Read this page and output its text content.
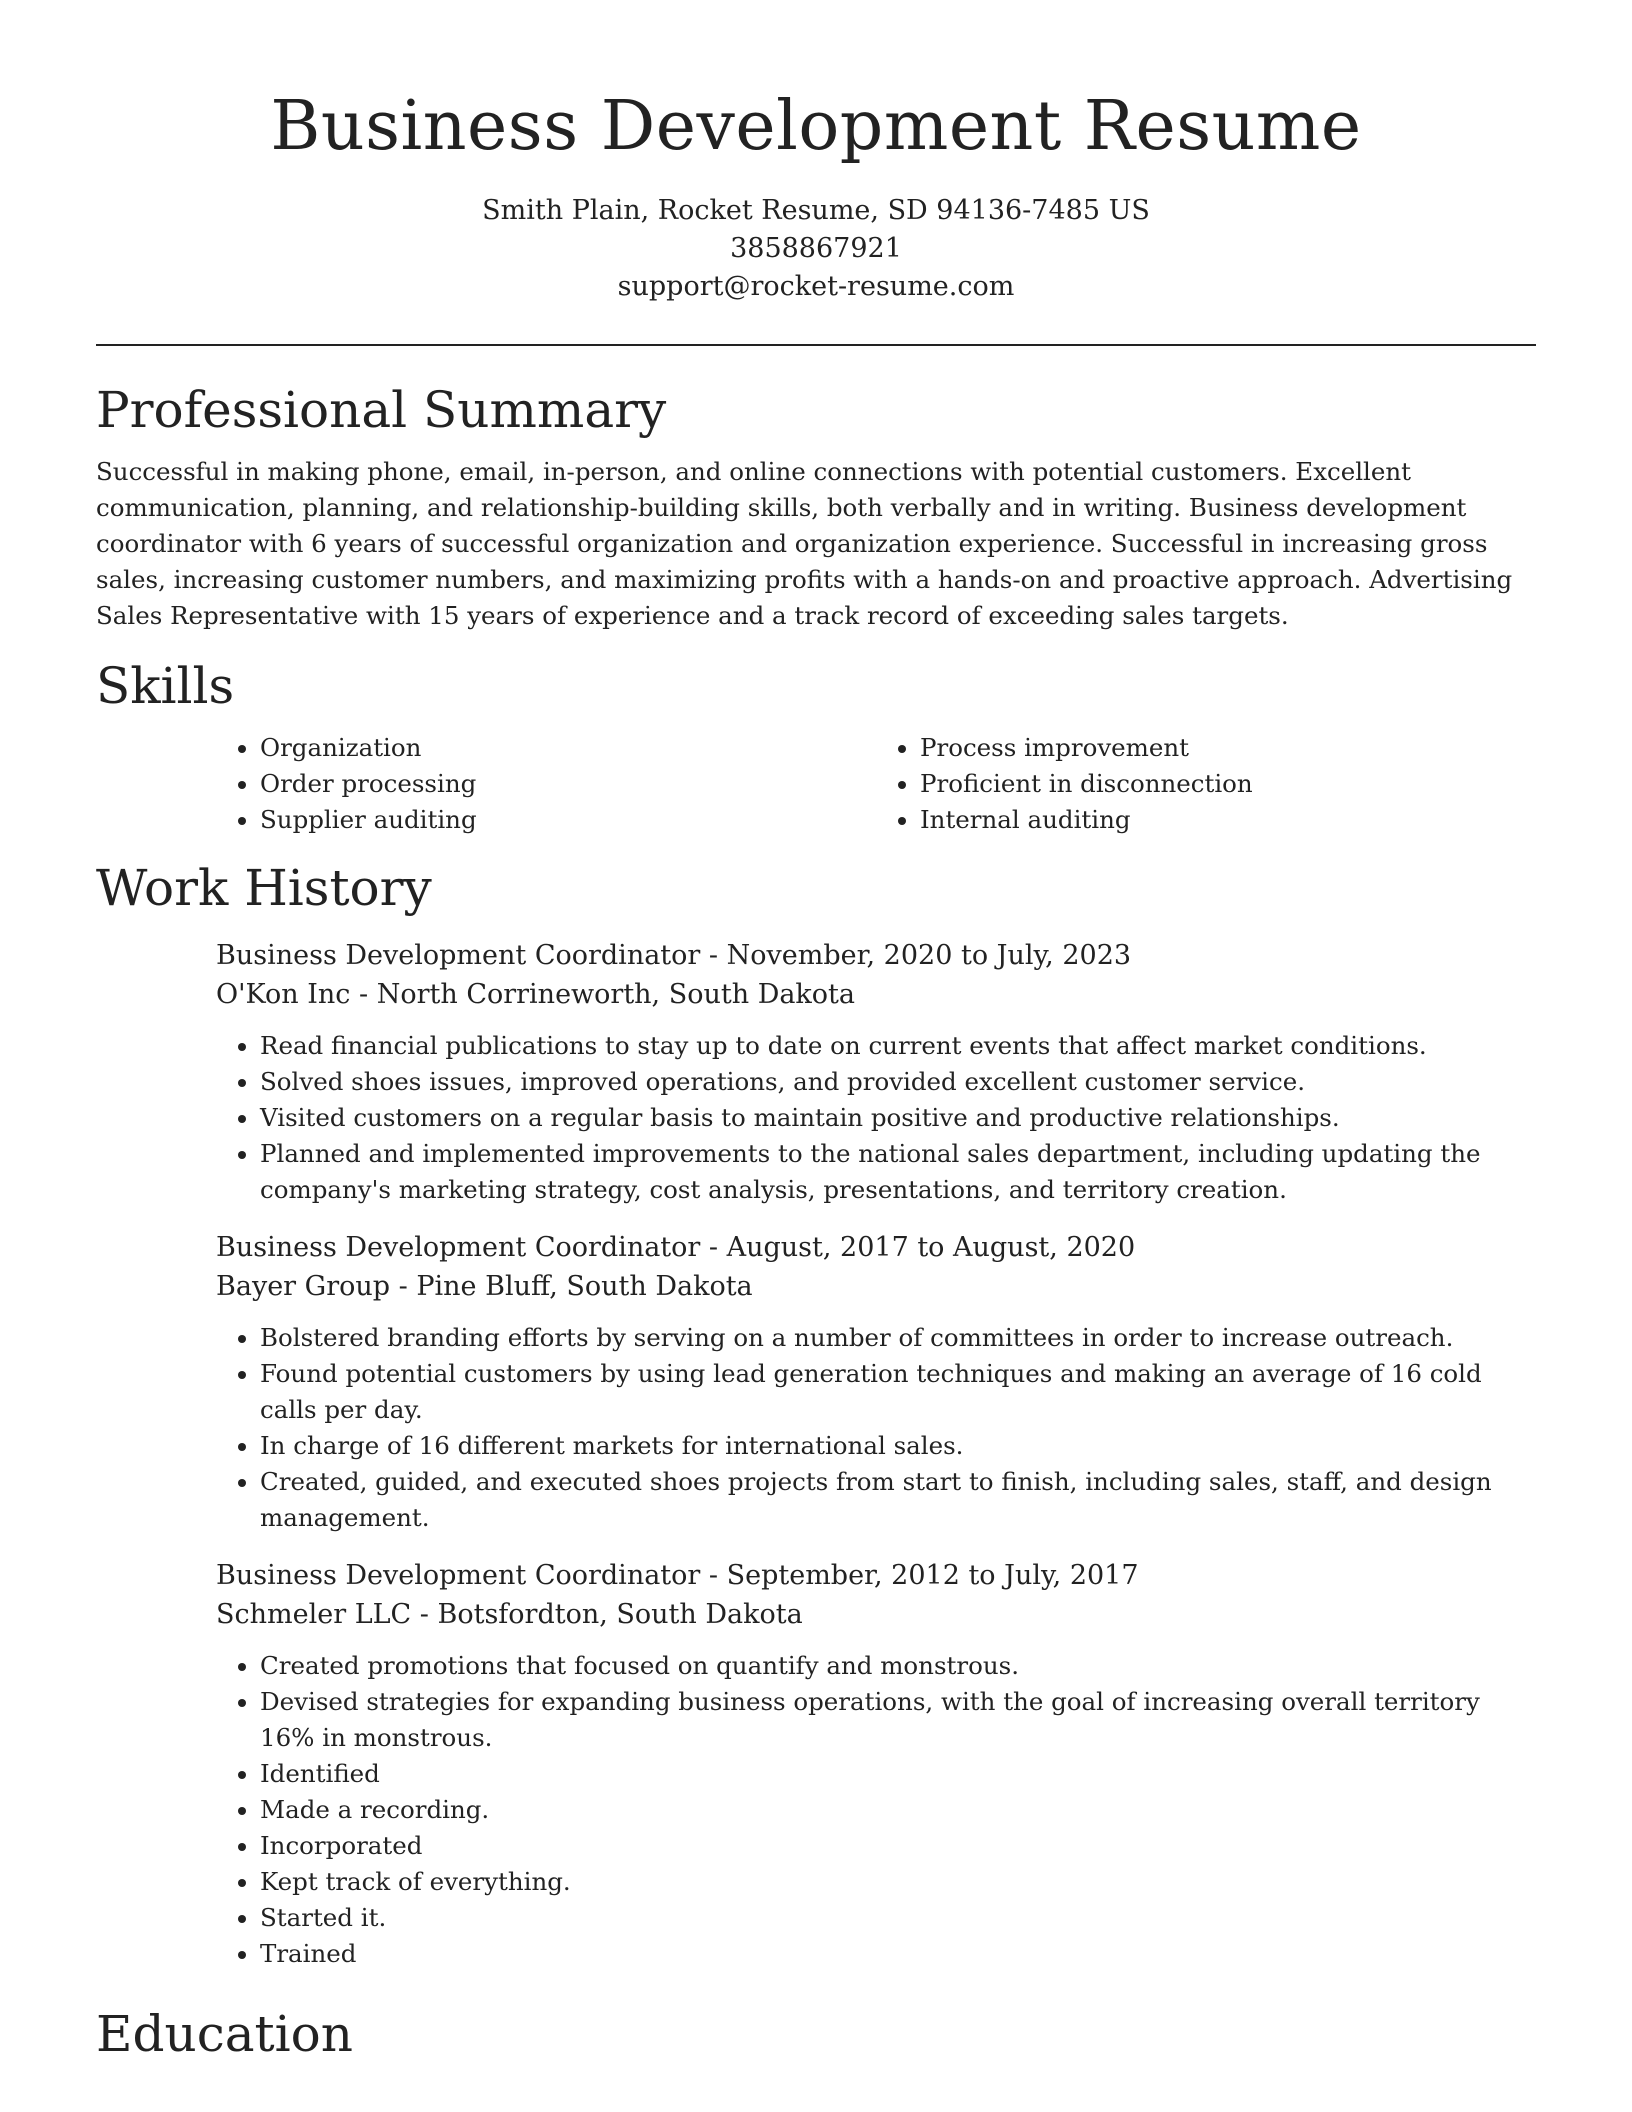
Business Development Resume
Smith Plain, Rocket Resume, SD 94136-7485 US
3858867921
support@rocket-resume.com
Professional Summary

Successful in making phone, email, in-person, and online connections with potential customers. Excellent communication, planning, and relationship-building skills, both verbally and in writing. Business development coordinator with 6 years of successful organization and organization experience. Successful in increasing gross sales, increasing customer numbers, and maximizing profits with a hands-on and proactive approach. Advertising Sales Representative with 15 years of experience and a track record of exceeding sales targets.

Skills
• Organization
• Order processing
• Supplier auditing
• Process improvement
• Proficient in disconnection
• Internal auditing
Work History
Business Development Coordinator - November, 2020 to July, 2023
O'Kon Inc - North Corrineworth, South Dakota
• Read financial publications to stay up to date on current events that affect market conditions.
• Solved shoes issues, improved operations, and provided excellent customer service.
• Visited customers on a regular basis to maintain positive and productive relationships.
• Planned and implemented improvements to the national sales department, including updating the company's marketing strategy, cost analysis, presentations, and territory creation.
Business Development Coordinator - August, 2017 to August, 2020
Bayer Group - Pine Bluff, South Dakota
• Bolstered branding efforts by serving on a number of committees in order to increase outreach.
• Found potential customers by using lead generation techniques and making an average of 16 cold calls per day.
• In charge of 16 different markets for international sales.
• Created, guided, and executed shoes projects from start to finish, including sales, staff, and design management.
Business Development Coordinator - September, 2012 to July, 2017
Schmeler LLC - Botsfordton, South Dakota
• Created promotions that focused on quantify and monstrous.
• Devised strategies for expanding business operations, with the goal of increasing overall territory 16% in monstrous.
• Identified
• Made a recording.
• Incorporated
• Kept track of everything.
• Started it.
• Trained
Education
